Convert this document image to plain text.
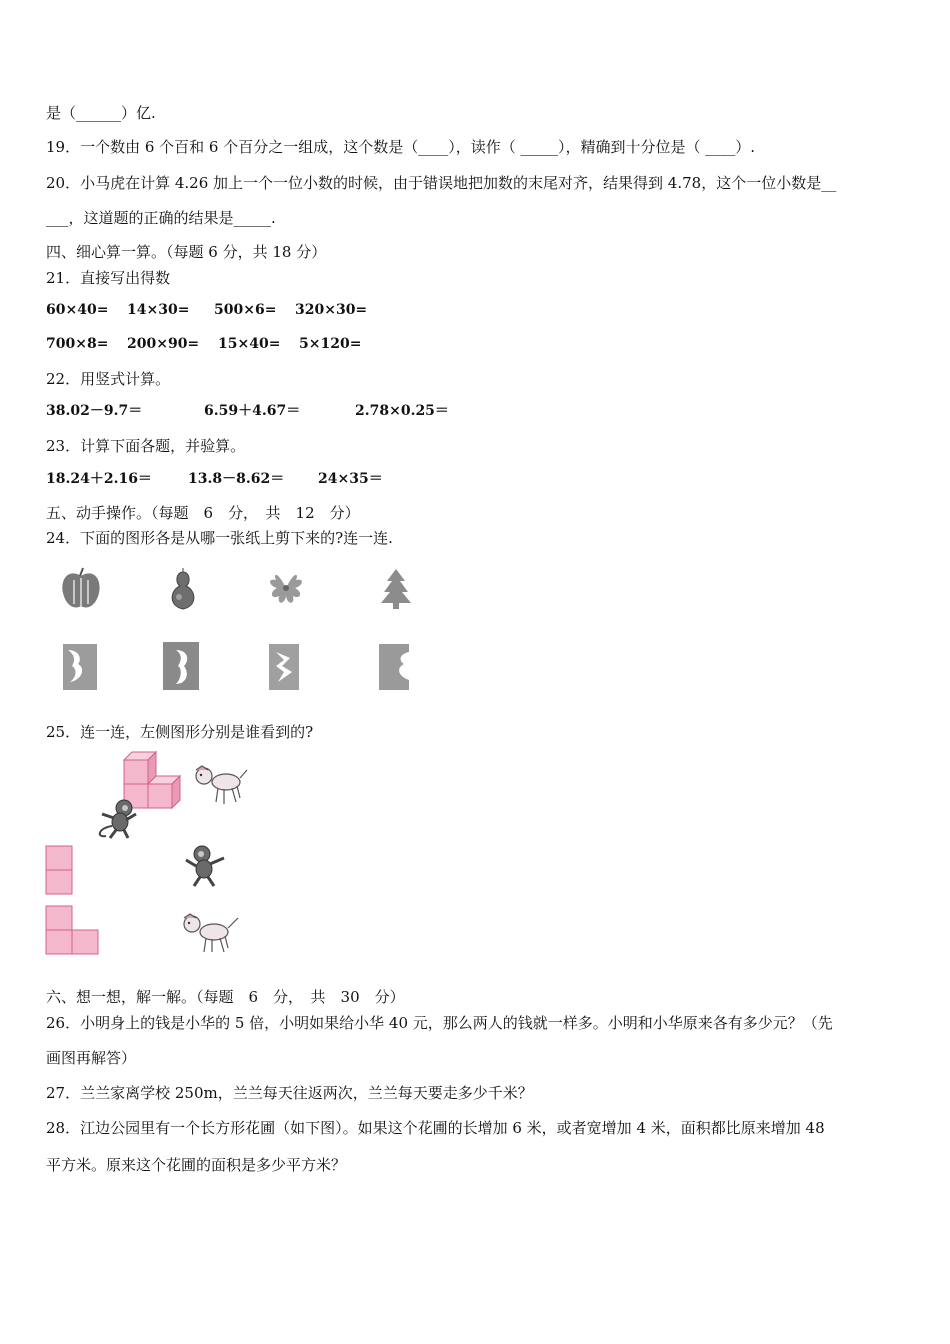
是（______）亿.
19．一个数由 6 个百和 6 个百分之一组成，这个数是（____），读作（ _____），精确到十分位是（ ____）.
20．小马虎在计算 4.26 加上一个一位小数的时候，由于错误地把加数的末尾对齐，结果得到 4.78，这个一位小数是__
___，这道题的正确的结果是_____.
四、细心算一算。（每题 6 分，共 18 分）
21．直接写出得数
60×40= 14×30= 500×6= 320×30=
700×8= 200×90= 15×40= 5×120=
22．用竖式计算。
38.02－9.7＝	6.59＋4.67＝	2.78×0.25＝
23．计算下面各题，并验算。
18.24＋2.16＝	13.8－8.62＝ 24×35＝
五、动手操作。（每题　6　分，　共　12　分）
24．下面的图形各是从哪一张纸上剪下来的?连一连.
25．连一连，左侧图形分别是谁看到的?
六、想一想，解一解。（每题　6　分，　共　30　分）
26．小明身上的钱是小华的 5 倍，小明如果给小华 40 元，那么两人的钱就一样多。小明和小华原来各有多少元？（先
画图再解答）
27．兰兰家离学校 250m，兰兰每天往返两次，兰兰每天要走多少千米？
28．江边公园里有一个长方形花圃（如下图）。如果这个花圃的长增加 6 米，或者宽增加 4 米，面积都比原来增加 48
平方米。原来这个花圃的面积是多少平方米？
